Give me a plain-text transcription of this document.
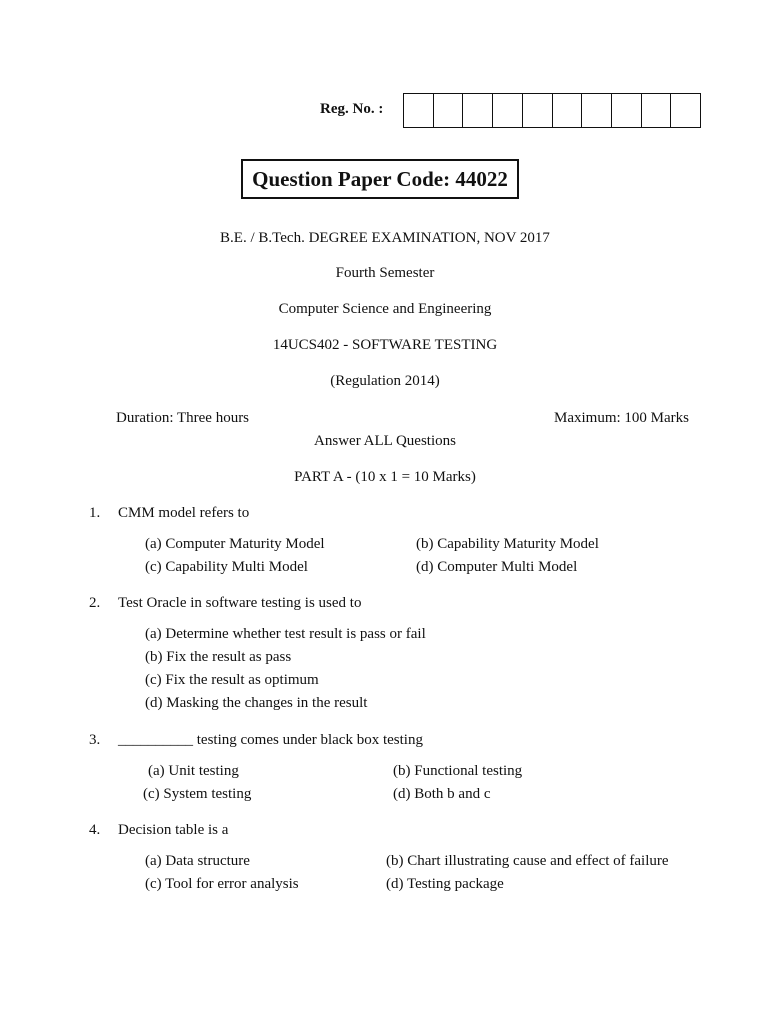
Reg. No. :
Question Paper Code: 44022
B.E. / B.Tech. DEGREE EXAMINATION, NOV 2017
Fourth Semester
Computer Science and Engineering
14UCS402 - SOFTWARE TESTING
(Regulation 2014)
Duration: Three hours	Maximum: 100 Marks
Answer ALL Questions
PART A - (10 x 1 = 10 Marks)
1. CMM model refers to
(a) Computer Maturity Model	(b) Capability Maturity Model
(c) Capability Multi Model	(d) Computer Multi Model
2. Test Oracle in software testing is used to
(a) Determine whether test result is pass or fail
(b) Fix the result as pass
(c) Fix the result as optimum
(d) Masking the changes in the result
3. __________ testing comes under black box testing
(a) Unit testing	(b) Functional testing
(c) System testing	(d) Both b and c
4. Decision table is a
(a) Data structure	(b) Chart illustrating cause and effect of failure
(c) Tool for error analysis	(d) Testing package
